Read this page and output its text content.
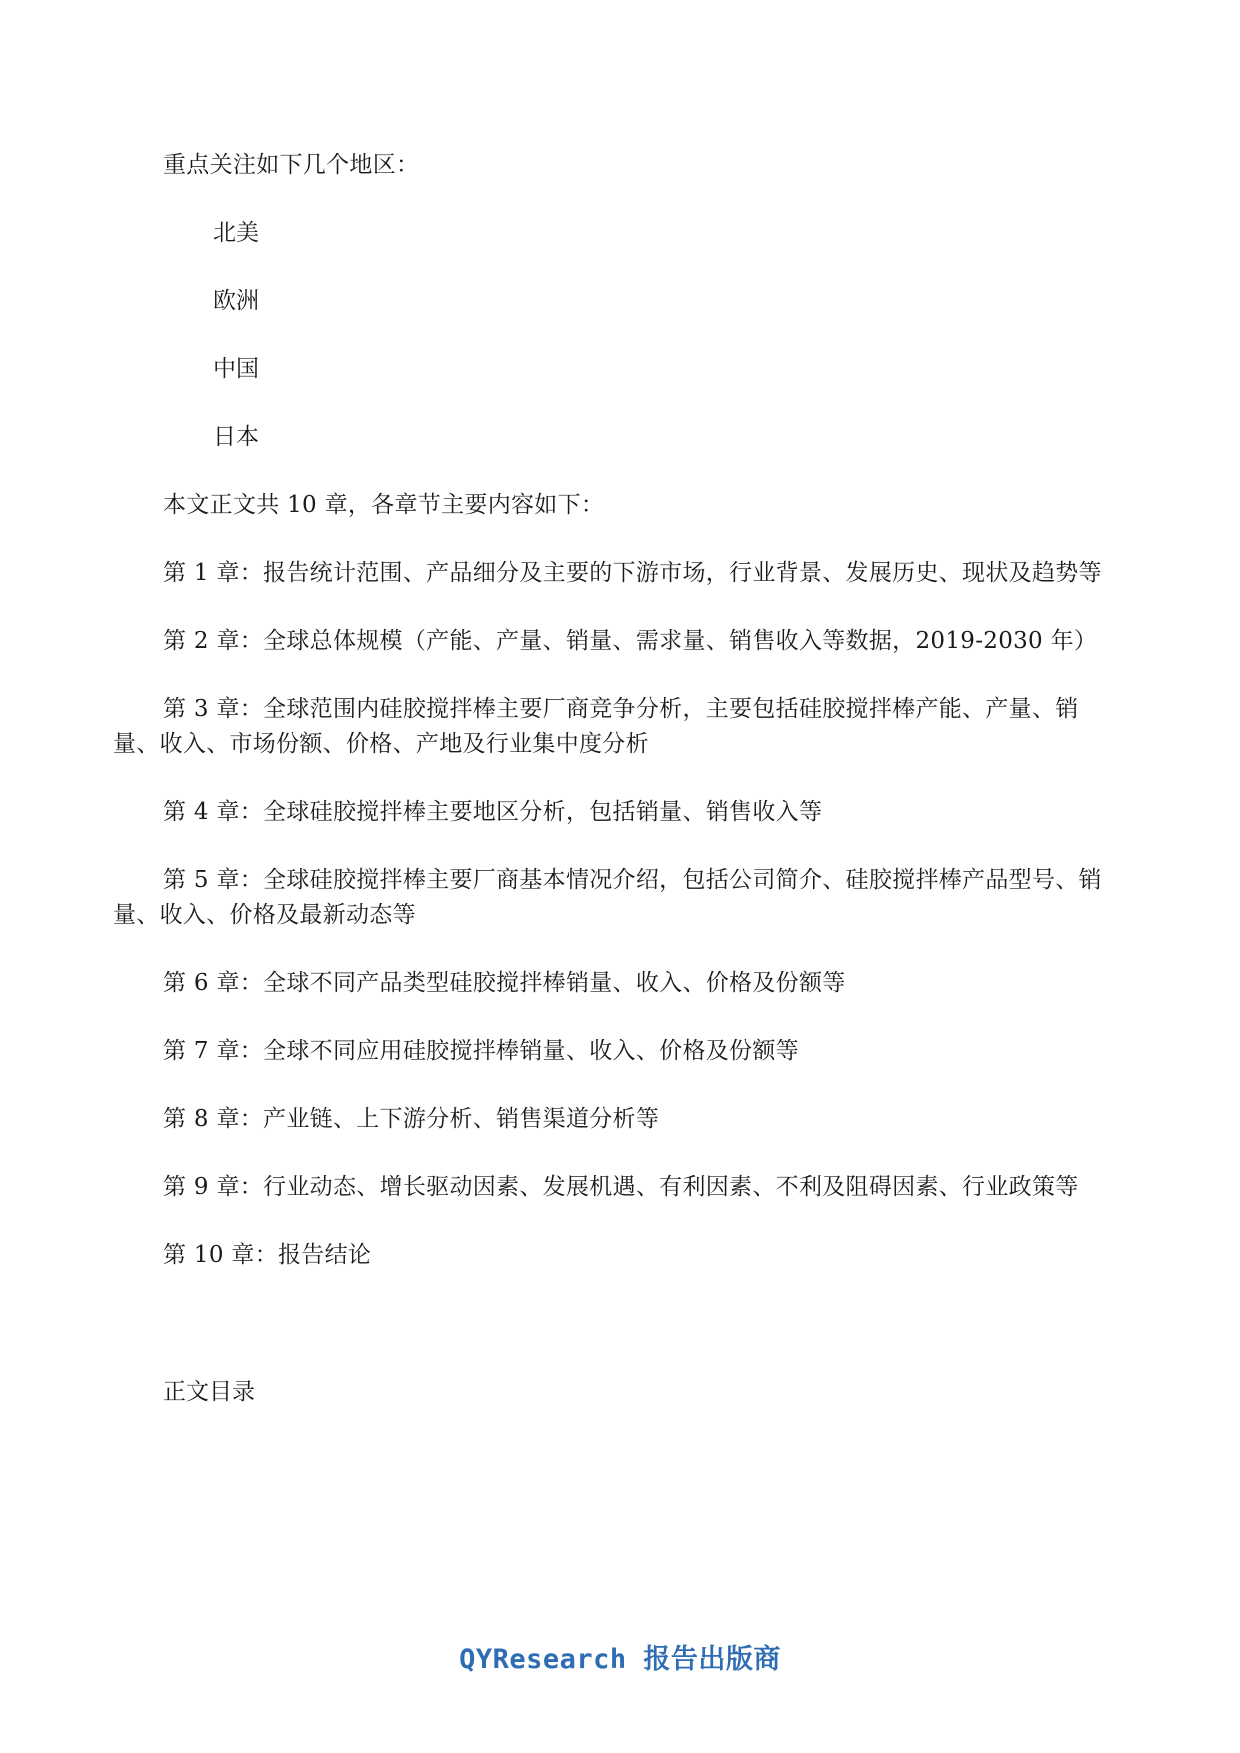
重点关注如下几个地区：

北美

欧洲

中国

日本

本文正文共 10 章，各章节主要内容如下：

第 1 章：报告统计范围、产品细分及主要的下游市场，行业背景、发展历史、现状及趋势等

第 2 章：全球总体规模（产能、产量、销量、需求量、销售收入等数据，2019-2030 年）

第 3 章：全球范围内硅胶搅拌棒主要厂商竞争分析，主要包括硅胶搅拌棒产能、产量、销量、收入、市场份额、价格、产地及行业集中度分析

第 4 章：全球硅胶搅拌棒主要地区分析，包括销量、销售收入等

第 5 章：全球硅胶搅拌棒主要厂商基本情况介绍，包括公司简介、硅胶搅拌棒产品型号、销量、收入、价格及最新动态等

第 6 章：全球不同产品类型硅胶搅拌棒销量、收入、价格及份额等

第 7 章：全球不同应用硅胶搅拌棒销量、收入、价格及份额等

第 8 章：产业链、上下游分析、销售渠道分析等

第 9 章：行业动态、增长驱动因素、发展机遇、有利因素、不利及阻碍因素、行业政策等

第 10 章：报告结论

正文目录

QYResearch 报告出版商
